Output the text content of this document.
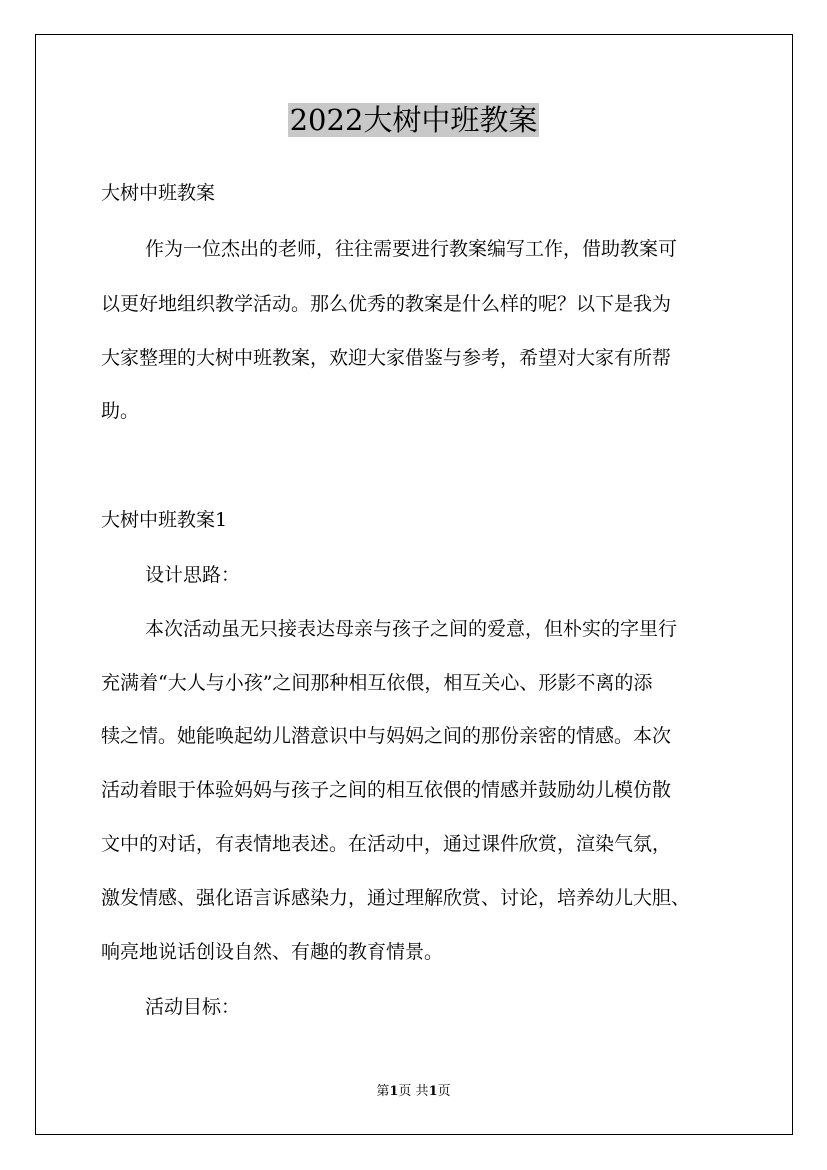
2022大树中班教案
大树中班教案
作为一位杰出的老师，往往需要进行教案编写工作，借助教案可
以更好地组织教学活动。那么优秀的教案是什么样的呢？以下是我为
大家整理的大树中班教案，欢迎大家借鉴与参考，希望对大家有所帮
助。
大树中班教案1
设计思路：
本次活动虽无只接表达母亲与孩子之间的爱意，但朴实的字里行
充满着“大人与小孩”之间那种相互依偎，相互关心、形影不离的添
犊之情。她能唤起幼儿潜意识中与妈妈之间的那份亲密的情感。本次
活动着眼于体验妈妈与孩子之间的相互依偎的情感并鼓励幼儿模仿散
文中的对话，有表情地表述。在活动中，通过课件欣赏，渲染气氛，
激发情感、强化语言诉感染力，通过理解欣赏、讨论，培养幼儿大胆、
响亮地说话创设自然、有趣的教育情景。
活动目标：
第1页 共1页
